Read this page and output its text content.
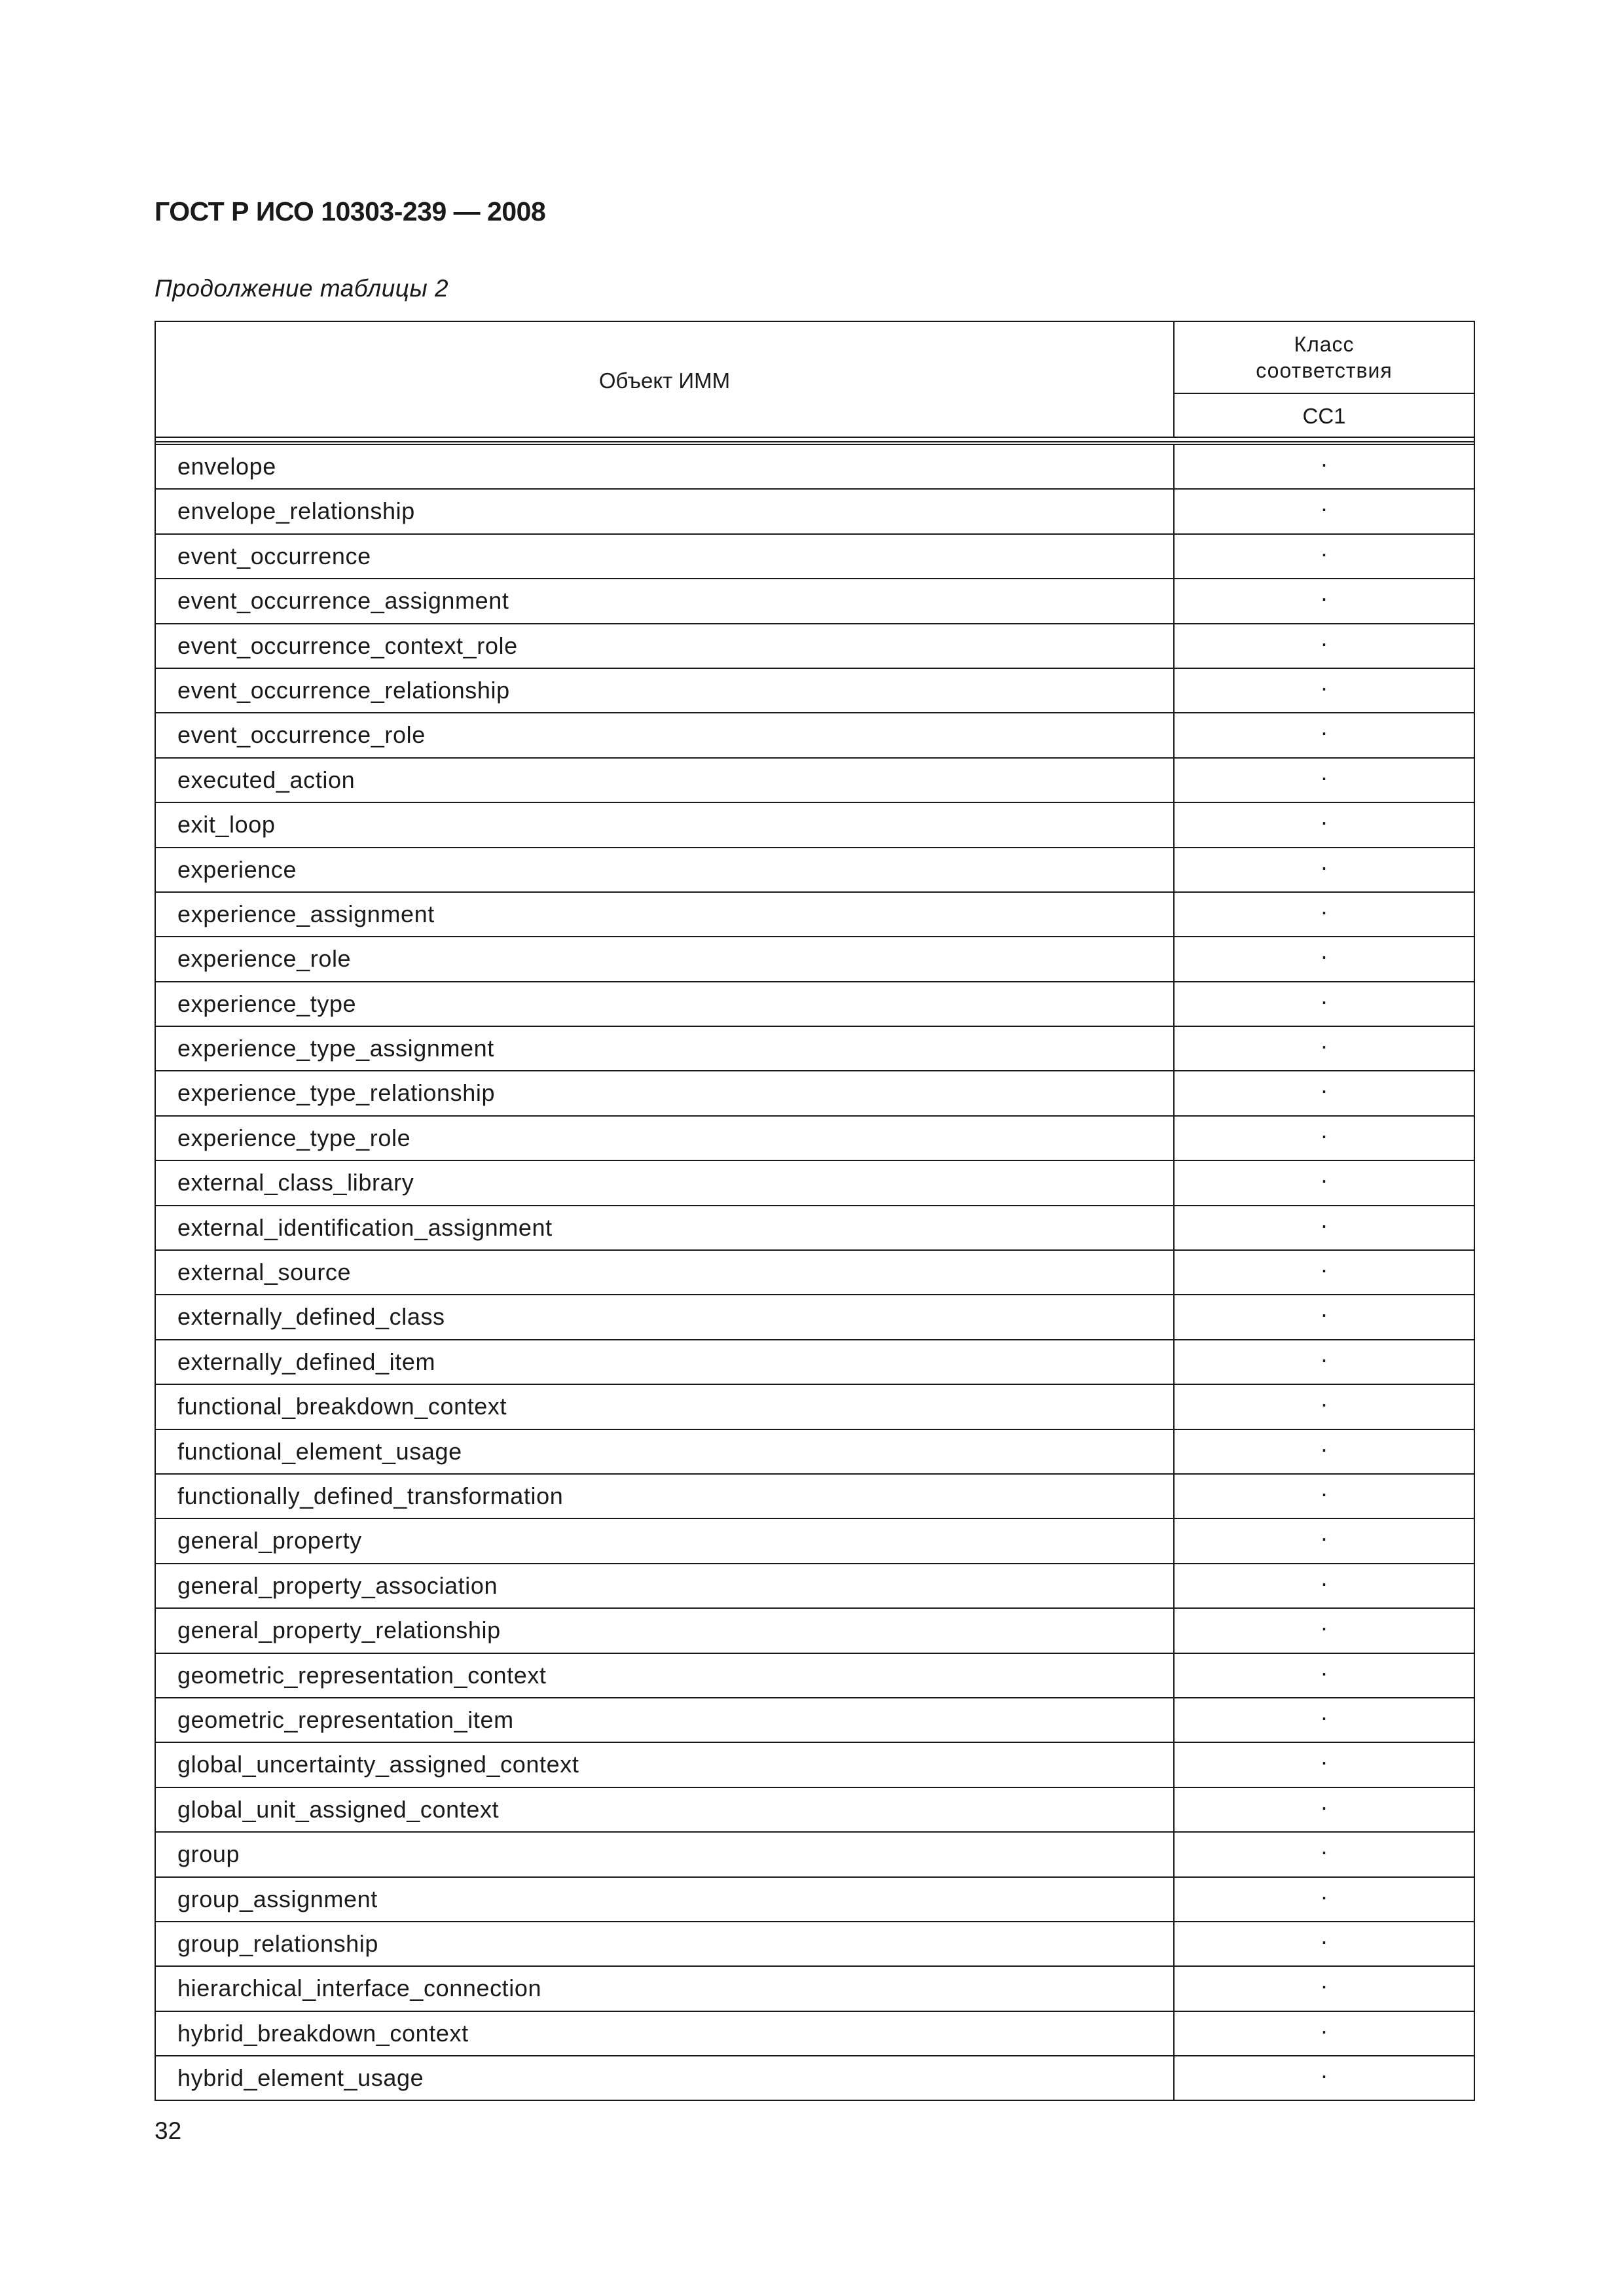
ГОСТ Р ИСО 10303-239 — 2008
Продолжение таблицы 2
Объект ИММ
Класс
соответствия
CC1
envelope	·
envelope_relationship	·
event_occurrence	·
event_occurrence_assignment	·
event_occurrence_context_role	·
event_occurrence_relationship	·
event_occurrence_role	·
executed_action	·
exit_loop	·
experience	·
experience_assignment	·
experience_role	·
experience_type	·
experience_type_assignment	·
experience_type_relationship	·
experience_type_role	·
external_class_library	·
external_identification_assignment	·
external_source	·
externally_defined_class	·
externally_defined_item	·
functional_breakdown_context	·
functional_element_usage	·
functionally_defined_transformation	·
general_property	·
general_property_association	·
general_property_relationship	·
geometric_representation_context	·
geometric_representation_item	·
global_uncertainty_assigned_context	·
global_unit_assigned_context	·
group	·
group_assignment	·
group_relationship	·
hierarchical_interface_connection	·
hybrid_breakdown_context	·
hybrid_element_usage	·
32
